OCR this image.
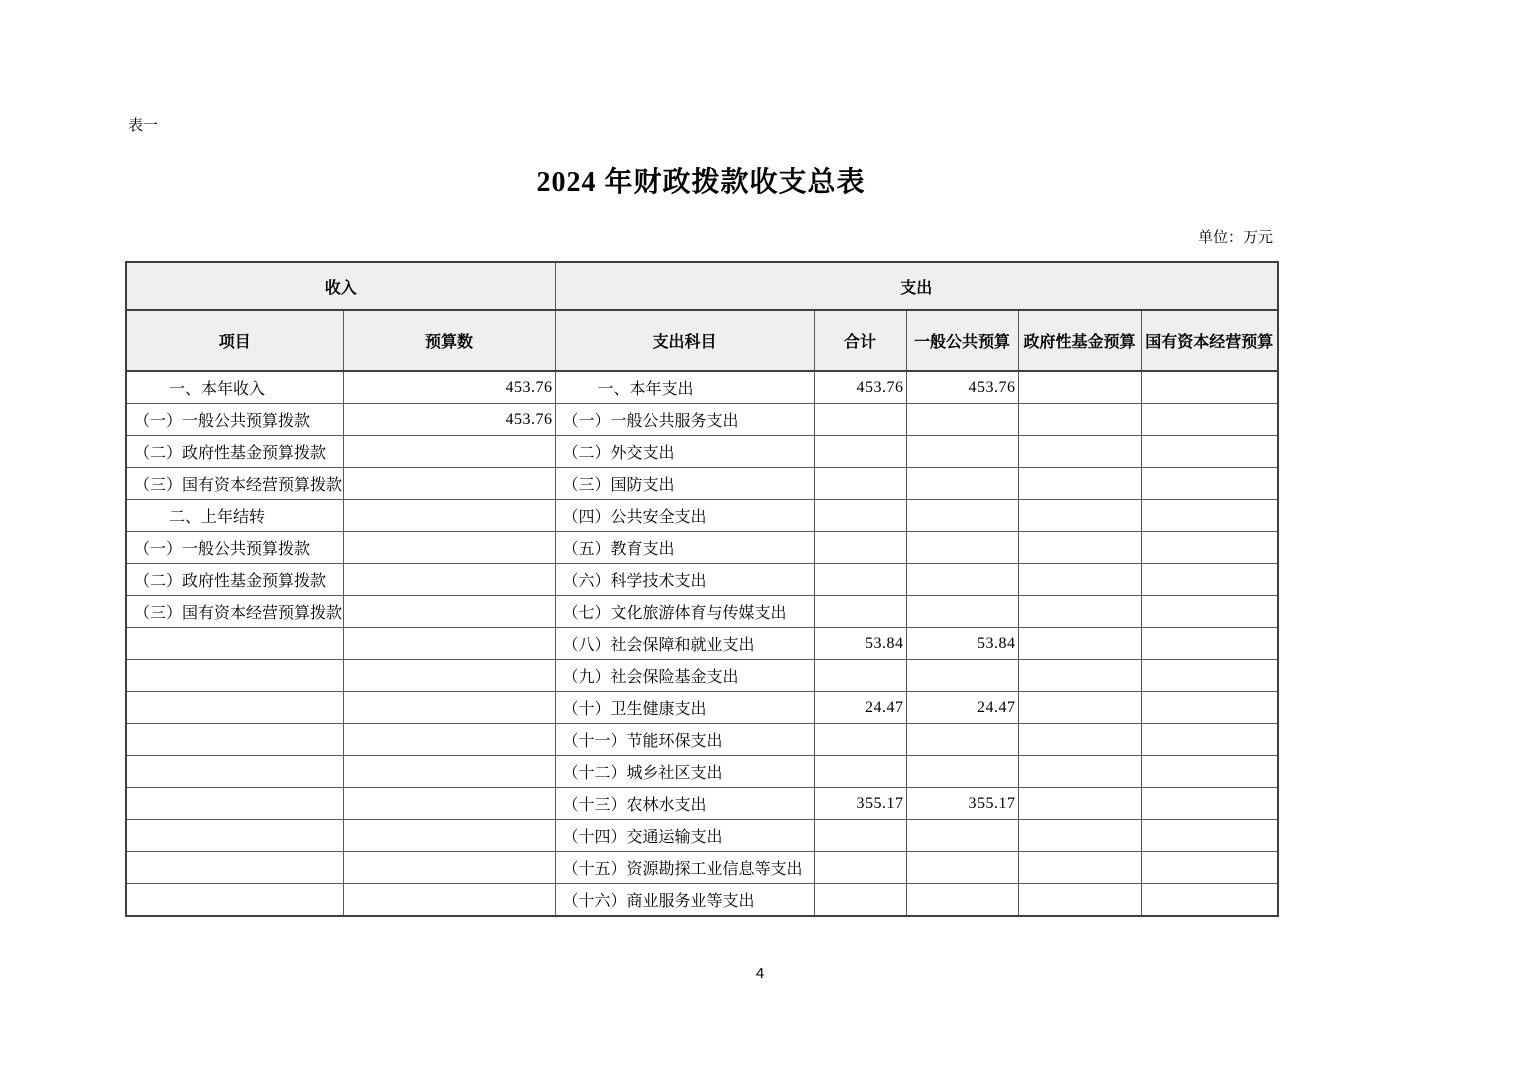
表一
2024 年财政拨款收支总表
单位：万元
收入		支出				
项目	预算数	支出科目	合计	一般公共预算	政府性基金预算	国有资本经营预算
一、本年收入	453.76	一、本年支出	453.76	453.76		
（一）一般公共预算拨款	453.76	（一）一般公共服务支出				
（二）政府性基金预算拨款		（二）外交支出				
（三）国有资本经营预算拨款		（三）国防支出				
二、上年结转		（四）公共安全支出				
（一）一般公共预算拨款		（五）教育支出				
（二）政府性基金预算拨款		（六）科学技术支出				
（三）国有资本经营预算拨款		（七）文化旅游体育与传媒支出				
		（八）社会保障和就业支出	53.84	53.84		
		（九）社会保险基金支出				
		（十）卫生健康支出	24.47	24.47		
		（十一）节能环保支出				
		（十二）城乡社区支出				
		（十三）农林水支出	355.17	355.17		
		（十四）交通运输支出				
		（十五）资源勘探工业信息等支出				
		（十六）商业服务业等支出				
4
